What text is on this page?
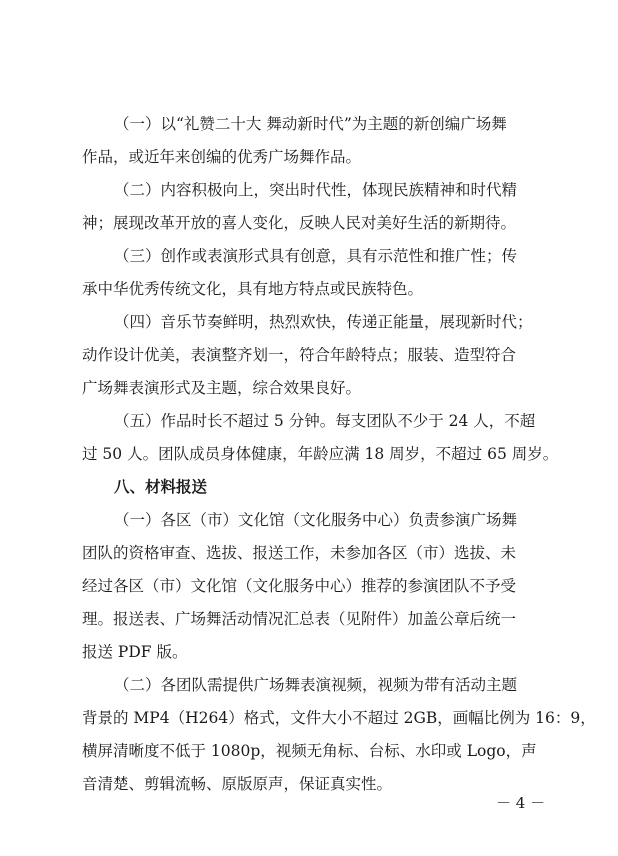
（一）以“礼赞二十大 舞动新时代”为主题的新创编广场舞
作品，或近年来创编的优秀广场舞作品。
（二）内容积极向上，突出时代性，体现民族精神和时代精
神；展现改革开放的喜人变化，反映人民对美好生活的新期待。
（三）创作或表演形式具有创意，具有示范性和推广性；传
承中华优秀传统文化，具有地方特点或民族特色。
（四）音乐节奏鲜明，热烈欢快，传递正能量，展现新时代；
动作设计优美，表演整齐划一，符合年龄特点；服装、造型符合
广场舞表演形式及主题，综合效果良好。
（五）作品时长不超过 5 分钟。每支团队不少于 24 人，不超
过 50 人。团队成员身体健康，年龄应满 18 周岁，不超过 65 周岁。
八、材料报送
（一）各区（市）文化馆（文化服务中心）负责参演广场舞
团队的资格审查、选拔、报送工作，未参加各区（市）选拔、未
经过各区（市）文化馆（文化服务中心）推荐的参演团队不予受
理。报送表、广场舞活动情况汇总表（见附件）加盖公章后统一
报送 PDF 版。
（二）各团队需提供广场舞表演视频，视频为带有活动主题
背景的 MP4（H264）格式，文件大小不超过 2GB，画幅比例为 16：9，
横屏清晰度不低于 1080p，视频无角标、台标、水印或 Logo，声
音清楚、剪辑流畅、原版原声，保证真实性。
－ 4 －
